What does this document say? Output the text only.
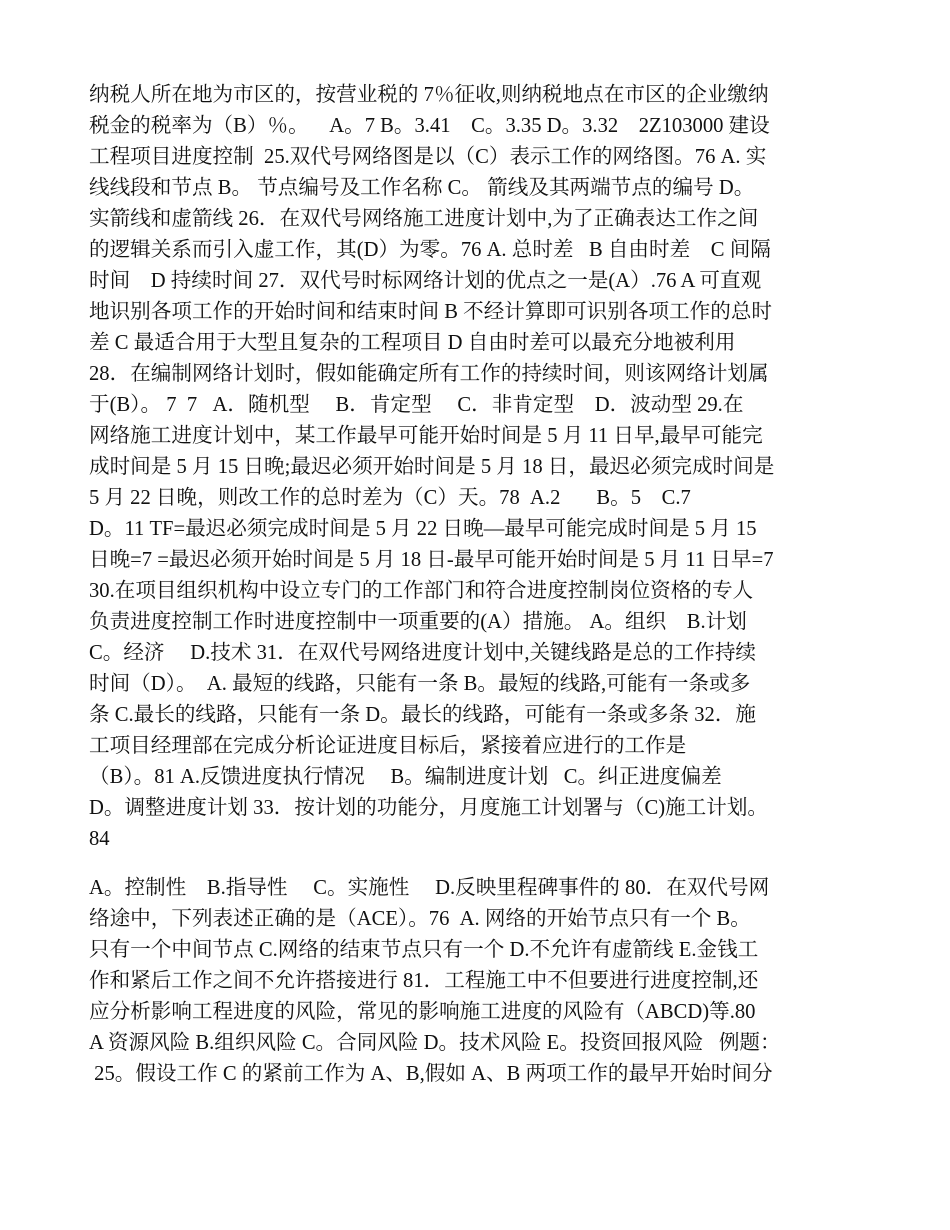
纳税人所在地为市区的，按营业税的 7％征收,则纳税地点在市区的企业缴纳
税金的税率为（B）％。    A。7 B。3.41    C。3.35 D。3.32    2Z103000 建设
工程项目进度控制  25.双代号网络图是以（C）表示工作的网络图。76 A. 实
线线段和节点 B。 节点编号及工作名称 C。 箭线及其两端节点的编号 D。
实箭线和虚箭线 26．在双代号网络施工进度计划中,为了正确表达工作之间
的逻辑关系而引入虚工作，其(D）为零。76 A. 总时差   B 自由时差    C 间隔
时间    D 持续时间 27．双代号时标网络计划的优点之一是(A）.76 A 可直观
地识别各项工作的开始时间和结束时间 B 不经计算即可识别各项工作的总时
差 C 最适合用于大型且复杂的工程项目 D 自由时差可以最充分地被利用
28．在编制网络计划时，假如能确定所有工作的持续时间，则该网络计划属
于(B）。 7  7   A．随机型     B．肯定型     C．非肯定型    D．波动型 29.在
网络施工进度计划中，某工作最早可能开始时间是 5 月 11 日早,最早可能完
成时间是 5 月 15 日晚;最迟必须开始时间是 5 月 18 日，最迟必须完成时间是
5 月 22 日晚，则改工作的总时差为（C）天。78  A.2       B。5    C.7
D。11 TF=最迟必须完成时间是 5 月 22 日晚—最早可能完成时间是 5 月 15
日晚=7 =最迟必须开始时间是 5 月 18 日-最早可能开始时间是 5 月 11 日早=7
30.在项目组织机构中设立专门的工作部门和符合进度控制岗位资格的专人
负责进度控制工作时进度控制中一项重要的(A）措施。 A。组织    B.计划
C。经济     D.技术 31．在双代号网络进度计划中,关键线路是总的工作持续
时间（D）。  A. 最短的线路，只能有一条 B。最短的线路,可能有一条或多
条 C.最长的线路，只能有一条 D。最长的线路，可能有一条或多条 32．施
工项目经理部在完成分析论证进度目标后，紧接着应进行的工作是
（B）。81 A.反馈进度执行情况     B。编制进度计划   C。纠正进度偏差
D。调整进度计划 33．按计划的功能分，月度施工计划署与（C)施工计划。
84
A。控制性    B.指导性     C。实施性     D.反映里程碑事件的 80．在双代号网
络途中，下列表述正确的是（ACE）。76  A. 网络的开始节点只有一个 B。
只有一个中间节点 C.网络的结束节点只有一个 D.不允许有虚箭线 E.金钱工
作和紧后工作之间不允许搭接进行 81．工程施工中不但要进行进度控制,还
应分析影响工程进度的风险，常见的影响施工进度的风险有（ABCD)等.80
A 资源风险 B.组织风险 C。合同风险 D。技术风险 E。投资回报风险   例题：
25。假设工作 C 的紧前工作为 A、B,假如 A、B 两项工作的最早开始时间分
